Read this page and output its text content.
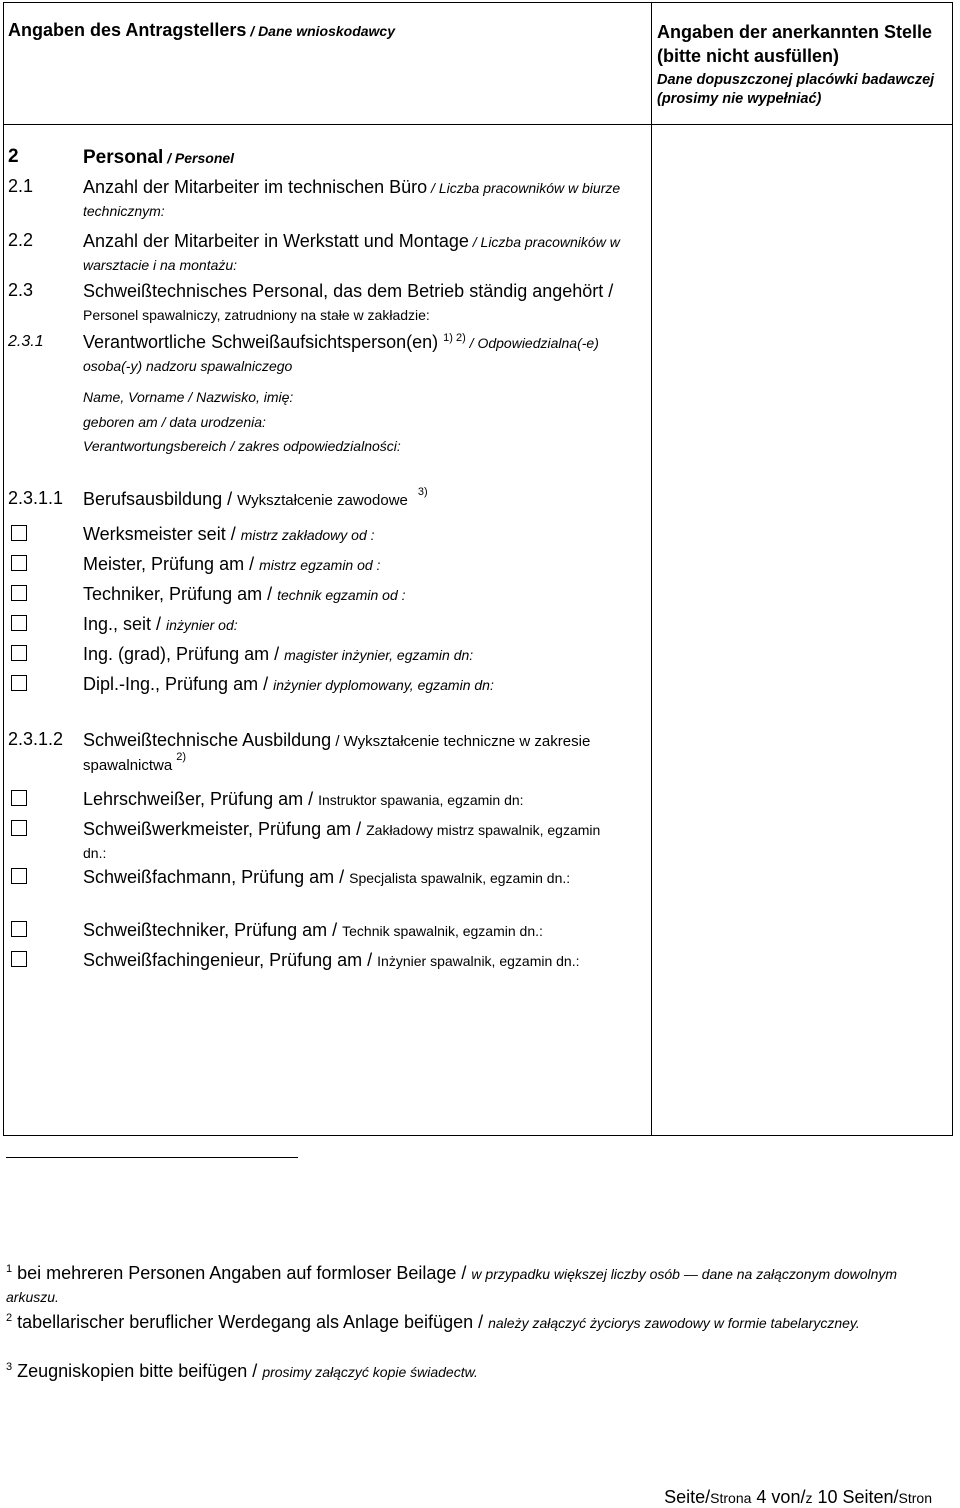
Angaben des Antragstellers / Dane wnioskodawcy	Angaben der anerkannten Stelle (bitte nicht ausfüllen)
Dane dopuszczonej placówki badawczej (prosimy nie wypełniać)
2	Personal / Personel
2.1	Anzahl der Mitarbeiter im technischen Büro / Liczba pracowników w biurze technicznym:
2.2	Anzahl der Mitarbeiter in Werkstatt und Montage / Liczba pracowników w warsztacie i na montażu:
2.3	Schweißtechnisches Personal, das dem Betrieb ständig angehört / Personel spawalniczy, zatrudniony na stałe w zakładzie:
2.3.1 Verantwortliche Schweißaufsichtsperson(en) $^{1) 2)}$ / Odpowiedzialna(-e) osoba(-y) nadzoru spawalniczego
Name, Vorname / Nazwisko, imię:
geboren am / data urodzenia:
Verantwortungsbereich / zakres odpowiedzialności:
2.3.1.1 Berufsausbildung / Wykształcenie zawodowe $^{3)}$
Werksmeister seit / mistrz zakładowy od :
Meister, Prüfung am / mistrz egzamin od :
Techniker, Prüfung am / technik egzamin od :
Ing., seit / inżynier od:
Ing. (grad), Prüfung am / magister inżynier, egzamin dn:
Dipl.-Ing., Prüfung am / inżynier dyplomowany, egzamin dn:
2.3.1.2 Schweißtechnische Ausbildung / Wykształcenie techniczne w zakresie spawalnictwa $^{2)}$
Lehrschweißer, Prüfung am / Instruktor spawania, egzamin dn:
Schweißwerkmeister, Prüfung am / Zakładowy mistrz spawalnik, egzamin dn.:
Schweißfachmann, Prüfung am / Specjalista spawalnik, egzamin dn.:
Schweißtechniker, Prüfung am / Technik spawalnik, egzamin dn.:
Schweißfachingenieur, Prüfung am / Inżynier spawalnik, egzamin dn.:
$^1$ bei mehreren Personen Angaben auf formloser Beilage / w przypadku większej liczby osób — dane na załączonym dowolnym arkuszu.
$^2$ tabellarischer beruflicher Werdegang als Anlage beifügen / należy załączyć życiorys zawodowy w formie tabelaryczney.
$^3$ Zeugniskopien bitte beifügen / prosimy załączyć kopie świadectw.
Seite/Strona 4 von/z 10 Seiten/Stron
